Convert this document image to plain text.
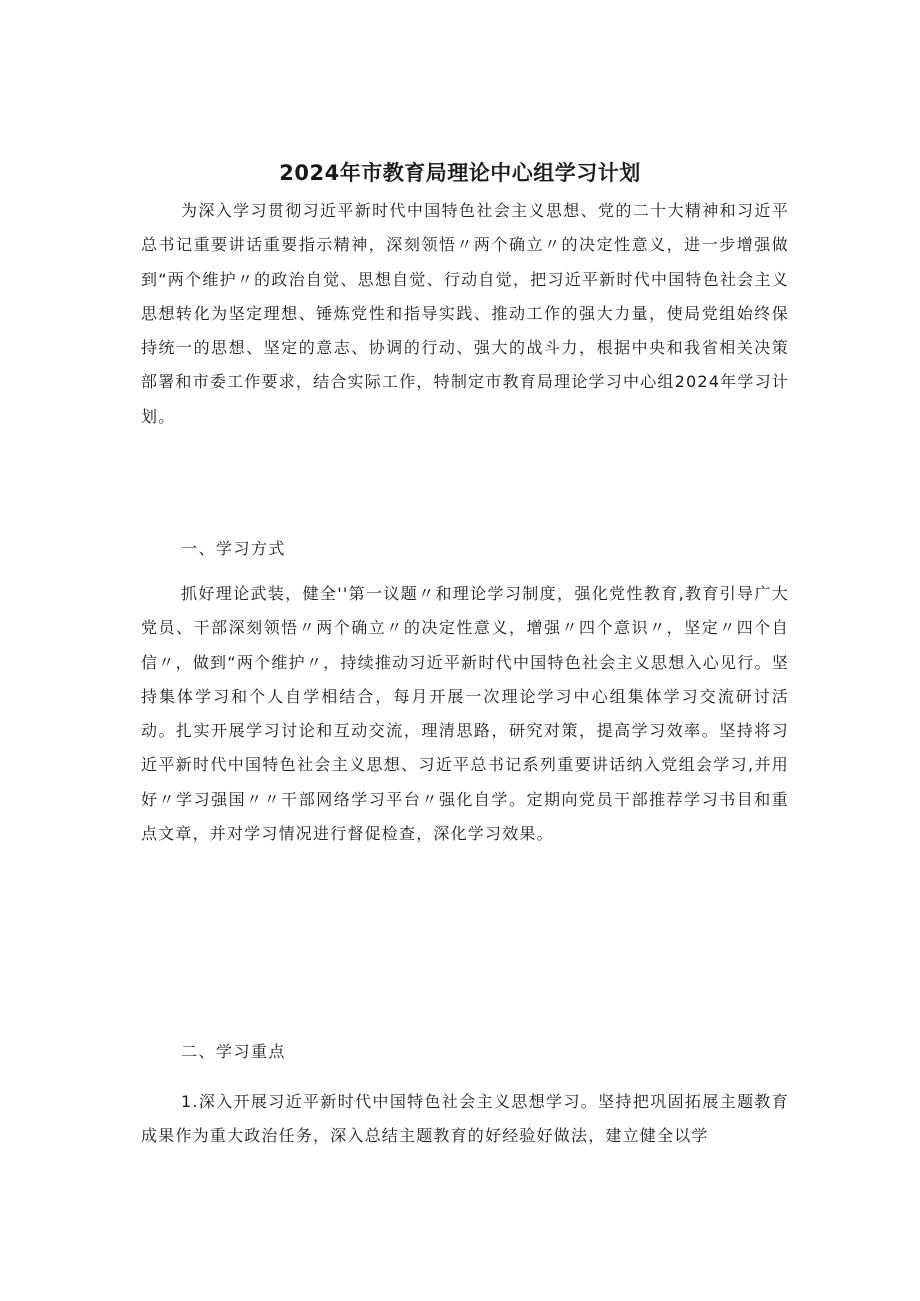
2024年市教育局理论中心组学习计划

为深入学习贯彻习近平新时代中国特色社会主义思想、党的二十大精神和习近平总书记重要讲话重要指示精神，深刻领悟〃两个确立〃的决定性意义，进一步增强做到“两个维护〃的政治自觉、思想自觉、行动自觉，把习近平新时代中国特色社会主义思想转化为坚定理想、锤炼党性和指导实践、推动工作的强大力量，使局党组始终保持统一的思想、坚定的意志、协调的行动、强大的战斗力，根据中央和我省相关决策部署和市委工作要求，结合实际工作，特制定市教育局理论学习中心组2024年学习计划。

一、学习方式

抓好理论武装，健全''第一议题〃和理论学习制度，强化党性教育,教育引导广大党员、干部深刻领悟〃两个确立〃的决定性意义，增强〃四个意识〃，坚定〃四个自信〃，做到“两个维护〃，持续推动习近平新时代中国特色社会主义思想入心见行。坚持集体学习和个人自学相结合，每月开展一次理论学习中心组集体学习交流研讨活动。扎实开展学习讨论和互动交流，理清思路，研究对策，提高学习效率。坚持将习近平新时代中国特色社会主义思想、习近平总书记系列重要讲话纳入党组会学习,并用好〃学习强国〃〃干部网络学习平台〃强化自学。定期向党员干部推荐学习书目和重点文章，并对学习情况进行督促检查，深化学习效果。

二、学习重点

1.深入开展习近平新时代中国特色社会主义思想学习。坚持把巩固拓展主题教育成果作为重大政治任务，深入总结主题教育的好经验好做法，建立健全以学
